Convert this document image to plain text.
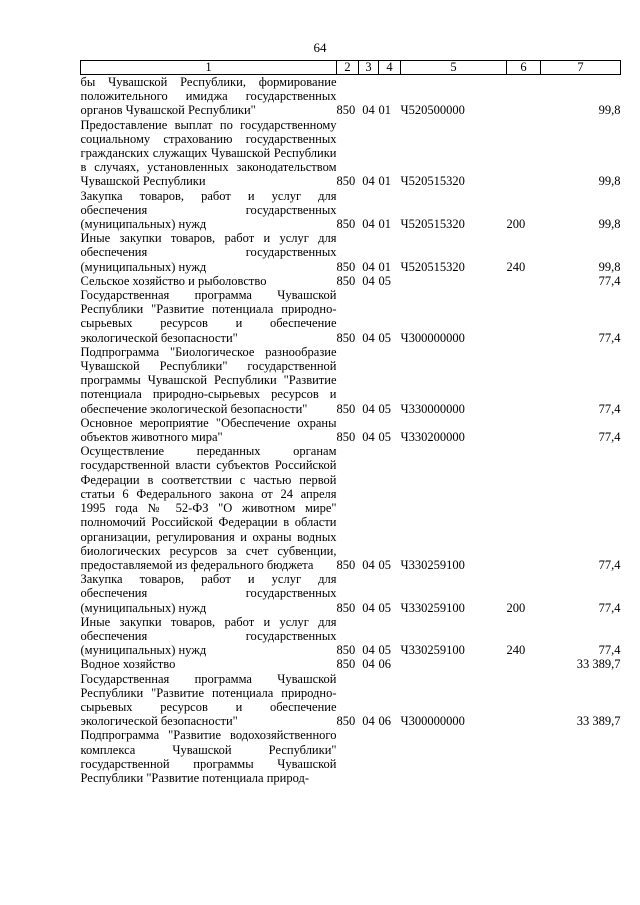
64
1	2	3	4	5	6	7
бы Чувашской Республики, формирование положительного имиджа государственных органов Чувашской Республики"	850	04	01	Ч520500000		99,8
Предоставление выплат по государственному социальному страхованию государственных гражданских служащих Чувашской Республики в случаях, установленных законодательством Чувашской Республики	850	04	01	Ч520515320		99,8
Закупка товаров, работ и услуг для обеспечения государственных (муниципальных) нужд	850	04	01	Ч520515320	200	99,8
Иные закупки товаров, работ и услуг для обеспечения государственных (муниципальных) нужд	850	04	01	Ч520515320	240	99,8
Сельское хозяйство и рыболовство	850	04	05			77,4
Государственная программа Чувашской Республики "Развитие потенциала природно-сырьевых ресурсов и обеспечение экологической безопасности"	850	04	05	Ч300000000		77,4
Подпрограмма "Биологическое разнообразие Чувашской Республики" государственной программы Чувашской Республики "Развитие потенциала природно-сырьевых ресурсов и обеспечение экологической безопасности"	850	04	05	Ч330000000		77,4
Основное мероприятие "Обеспечение охраны объектов животного мира"	850	04	05	Ч330200000		77,4
Осуществление переданных органам государственной власти субъектов Российской Федерации в соответствии с частью первой статьи 6 Федерального закона от 24 апреля 1995 года № 52-ФЗ "О животном мире" полномочий Российской Федерации в области организации, регулирования и охраны водных биологических ресурсов за счет субвенции, предоставляемой из федерального бюджета	850	04	05	Ч330259100		77,4
Закупка товаров, работ и услуг для обеспечения государственных (муниципальных) нужд	850	04	05	Ч330259100	200	77,4
Иные закупки товаров, работ и услуг для обеспечения государственных (муниципальных) нужд	850	04	05	Ч330259100	240	77,4
Водное хозяйство	850	04	06			33 389,7
Государственная программа Чувашской Республики "Развитие потенциала природно-сырьевых ресурсов и обеспечение экологической безопасности"	850	04	06	Ч300000000		33 389,7
Подпрограмма "Развитие водохозяйственного комплекса Чувашской Республики" государственной программы Чувашской Республики "Развитие потенциала природ-						
